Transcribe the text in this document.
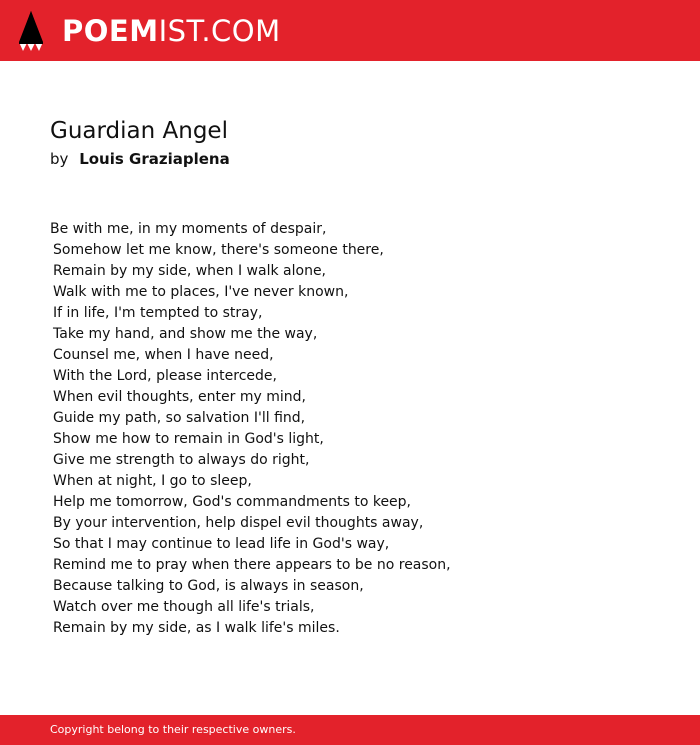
POEMIST.COM
Guardian Angel
by Louis Graziaplena
Be with me, in my moments of despair,
Somehow let me know, there's someone there,
Remain by my side, when I walk alone,
Walk with me to places, I've never known,
If in life, I'm tempted to stray,
Take my hand, and show me the way,
Counsel me, when I have need,
With the Lord, please intercede,
When evil thoughts, enter my mind,
Guide my path, so salvation I'll find,
Show me how to remain in God's light,
Give me strength to always do right,
When at night, I go to sleep,
Help me tomorrow, God's commandments to keep,
By your intervention, help dispel evil thoughts away,
So that I may continue to lead life in God's way,
Remind me to pray when there appears to be no reason,
Because talking to God, is always in season,
Watch over me though all life's trials,
Remain by my side, as I walk life's miles.
Copyright belong to their respective owners.
